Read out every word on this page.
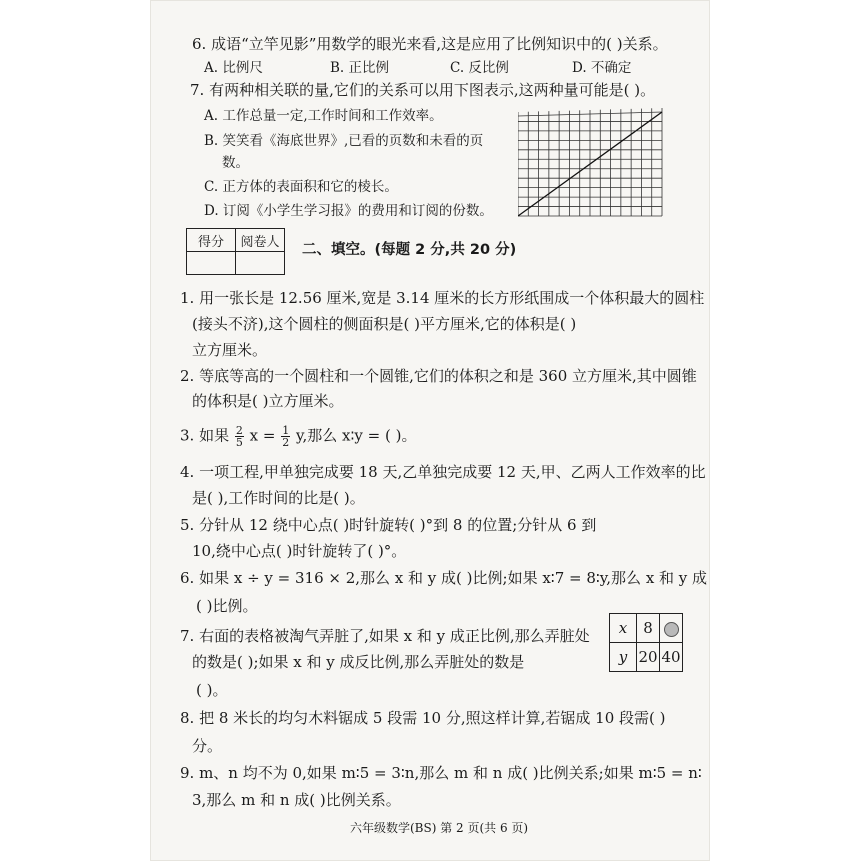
6. 成语“立竿见影”用数学的眼光来看,这是应用了比例知识中的( )关系。
A. 比例尺	B. 正比例	C. 反比例	D. 不确定
7. 有两种相关联的量,它们的关系可以用下图表示,这两种量可能是( )。
A. 工作总量一定,工作时间和工作效率。
B. 笑笑看《海底世界》,已看的页数和未看的页
数。
C. 正方体的表面积和它的棱长。
D. 订阅《小学生学习报》的费用和订阅的份数。
得分	阅卷人
	二、填空。(每题 2 分,共 20 分)
1. 用一张长是 12.56 厘米,宽是 3.14 厘米的长方形纸围成一个体积最大的圆柱
(接头不济),这个圆柱的侧面积是( )平方厘米,它的体积是( )
立方厘米。
2. 等底等高的一个圆柱和一个圆锥,它们的体积之和是 360 立方厘米,其中圆锥
的体积是( )立方厘米。
3. 如果 $\frac{2}{5}$ $x = \frac{1}{2} y$,那么 x∶y = ( )。
4. 一项工程,甲单独完成要 18 天,乙单独完成要 12 天,甲、乙两人工作效率的比
是( ),工作时间的比是( )。
5. 分针从 12 绕中心点( )时针旋转( )°到 8 的位置;分针从 6 到
10,绕中心点( )时针旋转了( )°。
6. 如果 x ÷ y = 316 × 2,那么 x 和 y 成( )比例;如果 x∶7 = 8∶y,那么 x 和 y 成
( )比例。
7. 右面的表格被淘气弄脏了,如果 x 和 y 成正比例,那么弄脏处
的数是( );如果 x 和 y 成反比例,那么弄脏处的数是
( )。
x	8	
y	20	40
8. 把 8 米长的均匀木料锯成 5 段需 10 分,照这样计算,若锯成 10 段需( )
分。
9. m、n 均不为 0,如果 m∶5 = 3∶n,那么 m 和 n 成( )比例关系;如果 m∶5 = n∶
3,那么 m 和 n 成( )比例关系。
六年级数学(BS) 第 2 页(共 6 页)
